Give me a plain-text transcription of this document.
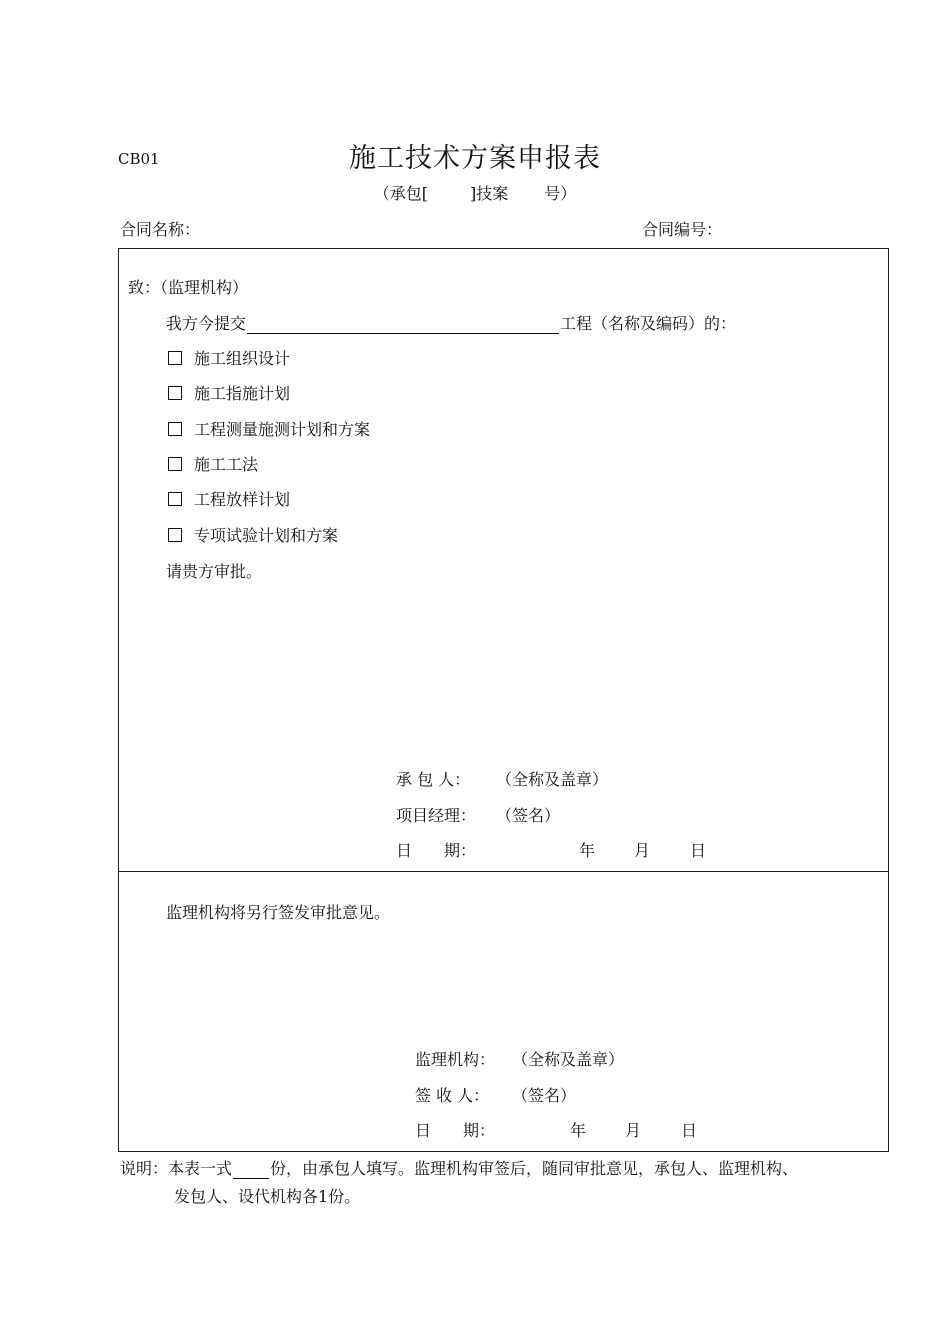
CB01	施工技术方案申报表
（承包[	]技案 号）
合同名称：	合同编号：
致：（监理机构）
我方今提交	工程（名称及编码）的：
施工组织设计
施工指施计划
工程测量施测计划和方案
施工工法
工程放样计划
专项试验计划和方案
请贵方审批。
承 包 人： （全称及盖章）
项目经理： （签名）
日　　期：	年 月 日
监理机构将另行签发审批意见。
监理机构： （全称及盖章）
签 收 人： （签名）
日　　期：	年 月 日
说明：本表一式 份，由承包人填写。监理机构审签后，随同审批意见，承包人、监理机构、
发包人、设代机构各1份。
